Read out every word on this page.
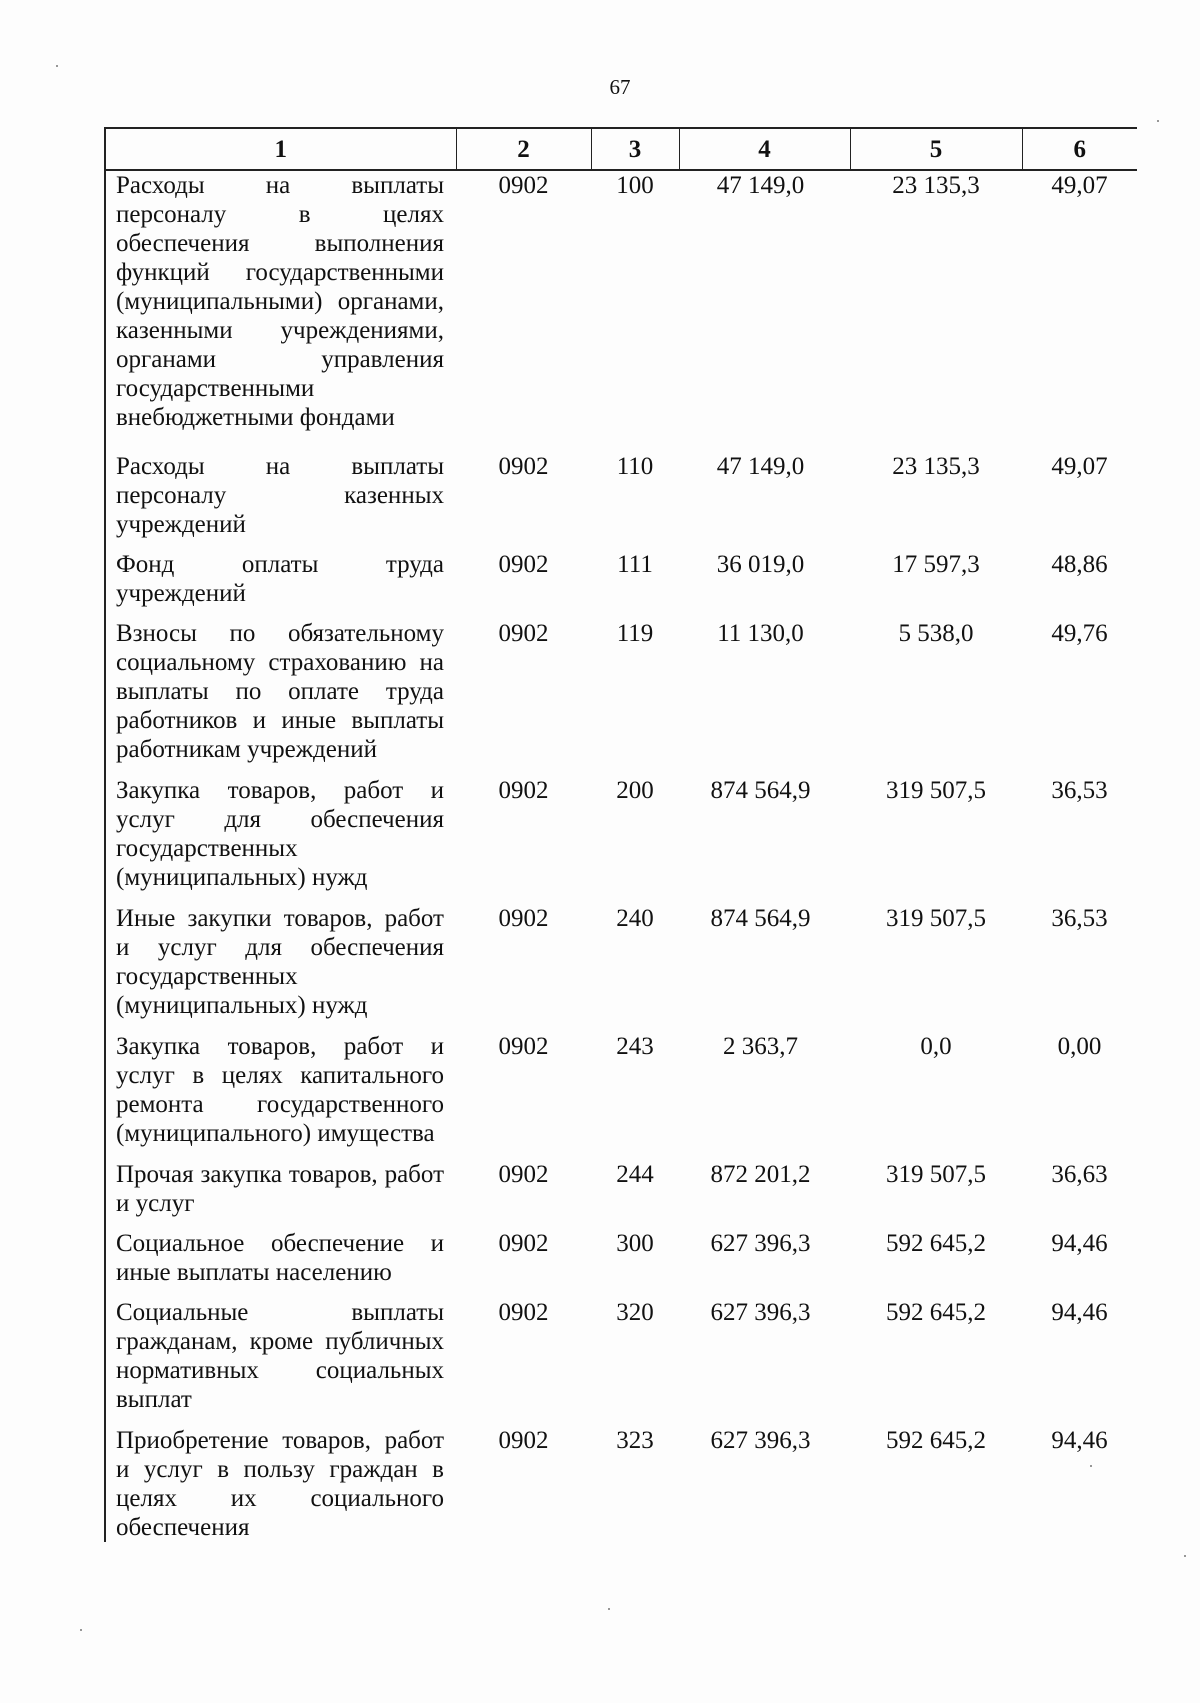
67
1	2	3	4	5	6
Расходы на выплаты персоналу в целях обеспечения выполнения функций государственными (муниципальными) органами, казенными учреждениями, органами управления государственными внебюджетными фондами	0902	100	47 149,0	23 135,3	49,07
Расходы на выплаты персоналу казенных учреждений	0902	110	47 149,0	23 135,3	49,07
Фонд оплаты труда учреждений	0902	111	36 019,0	17 597,3	48,86
Взносы по обязательному социальному страхованию на выплаты по оплате труда работников и иные выплаты работникам учреждений	0902	119	11 130,0	5 538,0	49,76
Закупка товаров, работ и услуг для обеспечения государственных (муниципальных) нужд	0902	200	874 564,9	319 507,5	36,53
Иные закупки товаров, работ и услуг для обеспечения государственных (муниципальных) нужд	0902	240	874 564,9	319 507,5	36,53
Закупка товаров, работ и услуг в целях капитального ремонта государственного (муниципального) имущества	0902	243	2 363,7	0,0	0,00
Прочая закупка товаров, работ и услуг	0902	244	872 201,2	319 507,5	36,63
Социальное обеспечение и иные выплаты населению	0902	300	627 396,3	592 645,2	94,46
Социальные выплаты гражданам, кроме публичных нормативных социальных выплат	0902	320	627 396,3	592 645,2	94,46
Приобретение товаров, работ и услуг в пользу граждан в целях их социального обеспечения	0902	323	627 396,3	592 645,2	94,46
